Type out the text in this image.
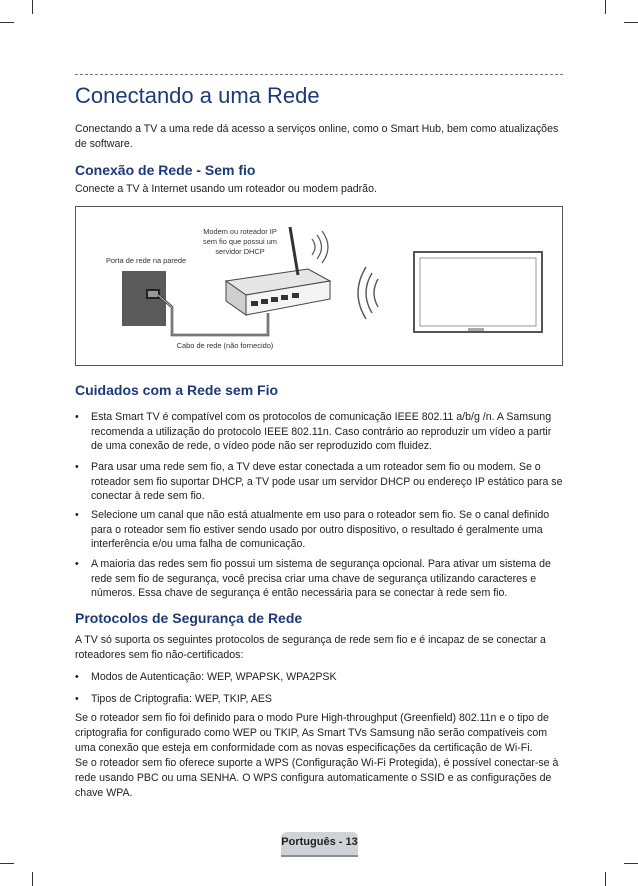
Conectando a uma Rede

Conectando a TV a uma rede dá acesso a serviços online, como o Smart Hub, bem como atualizações de software.

Conexão de Rede - Sem fio

Conecte a TV à Internet usando um roteador ou modem padrão.

Modem ou roteador IP sem fio que possui um servidor DHCP
Porta de rede na parede
Cabo de rede (não fornecido)
Cuidados com a Rede sem Fio
• Esta Smart TV é compatível com os protocolos de comunicação IEEE 802.11 a/b/g /n. A Samsung recomenda a utilização do protocolo IEEE 802.11n. Caso contrário ao reproduzir um vídeo a partir de uma conexão de rede, o vídeo pode não ser reproduzido com fluidez.
• Para usar uma rede sem fio, a TV deve estar conectada a um roteador sem fio ou modem. Se o roteador sem fio suportar DHCP, a TV pode usar um servidor DHCP ou endereço IP estático para se conectar à rede sem fio.
• Selecione um canal que não está atualmente em uso para o roteador sem fio. Se o canal definido para o roteador sem fio estiver sendo usado por outro dispositivo, o resultado é geralmente uma interferência e/ou uma falha de comunicação.
• A maioria das redes sem fio possui um sistema de segurança opcional. Para ativar um sistema de rede sem fio de segurança, você precisa criar uma chave de segurança utilizando caracteres e números. Essa chave de segurança é então necessária para se conectar à rede sem fio.
Protocolos de Segurança de Rede

A TV só suporta os seguintes protocolos de segurança de rede sem fio e é incapaz de se conectar a roteadores sem fio não-certificados:

• Modos de Autenticação: WEP, WPAPSK, WPA2PSK
• Tipos de Criptografia: WEP, TKIP, AES

Se o roteador sem fio foi definido para o modo Pure High-throughput (Greenfield) 802.11n e o tipo de criptografia for configurado como WEP ou TKIP, As Smart TVs Samsung não serão compatíveis com uma conexão que esteja em conformidade com as novas especificações da certificação de Wi-Fi.

Se o roteador sem fio oferece suporte a WPS (Configuração Wi-Fi Protegida), é possível conectar-se à rede usando PBC ou uma SENHA. O WPS configura automaticamente o SSID e as configurações de chave WPA.

Português - 13
